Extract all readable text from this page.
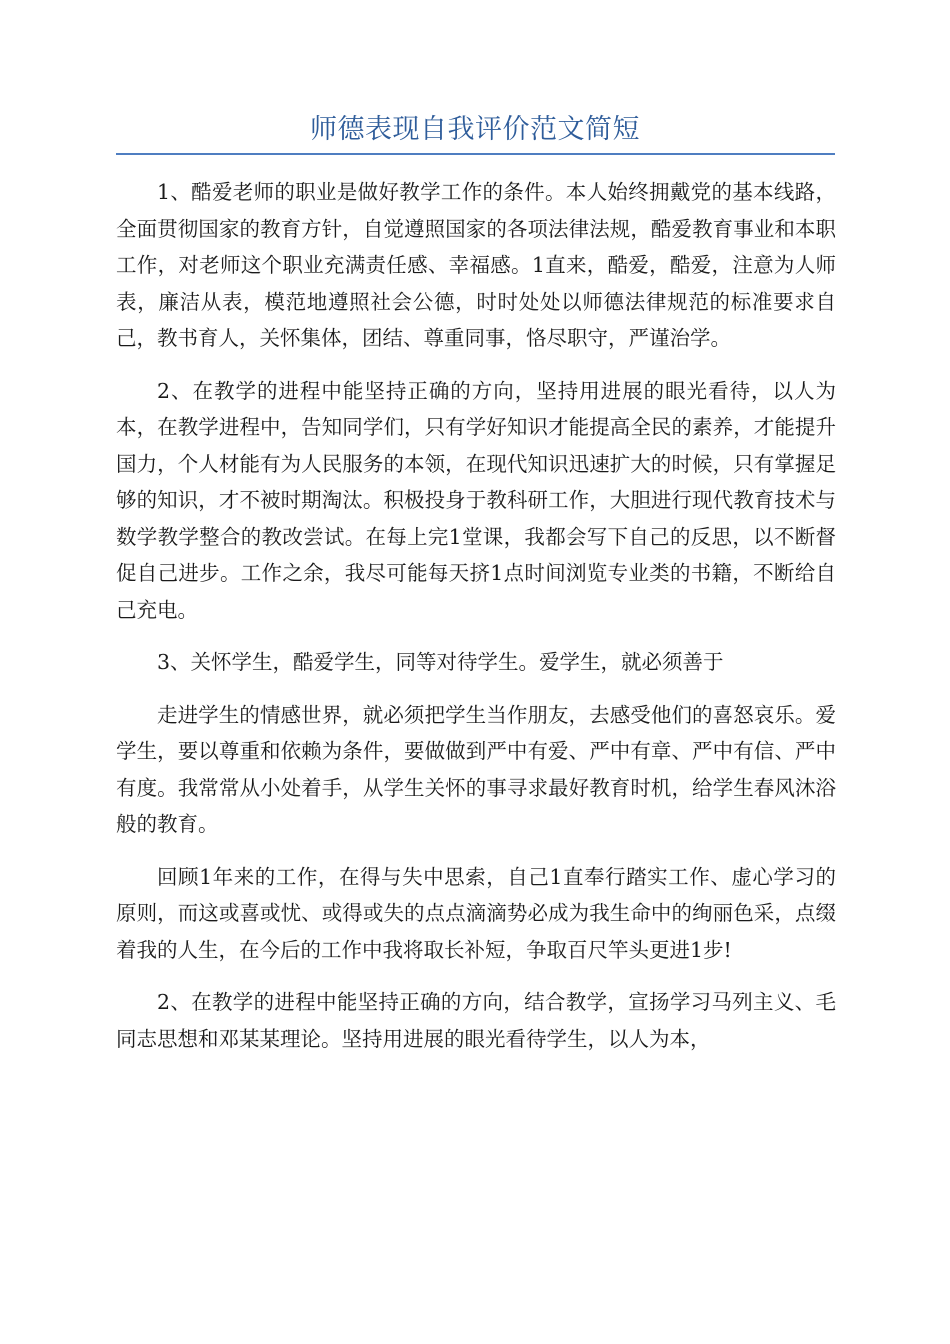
师德表现自我评价范文简短

1、酷爱老师的职业是做好教学工作的条件。本人始终拥戴党的基本线路，全面贯彻国家的教育方针，自觉遵照国家的各项法律法规，酷爱教育事业和本职工作，对老师这个职业充满责任感、幸福感。1直来，酷爱，酷爱，注意为人师表，廉洁从表，模范地遵照社会公德，时时处处以师德法律规范的标准要求自己，教书育人，关怀集体，团结、尊重同事，恪尽职守，严谨治学。

2、在教学的进程中能坚持正确的方向，坚持用进展的眼光看待，以人为本，在教学进程中，告知同学们，只有学好知识才能提高全民的素养，才能提升国力，个人材能有为人民服务的本领，在现代知识迅速扩大的时候，只有掌握足够的知识，才不被时期淘汰。积极投身于教科研工作，大胆进行现代教育技术与数学教学整合的教改尝试。在每上完1堂课，我都会写下自己的反思，以不断督促自己进步。工作之余，我尽可能每天挤1点时间浏览专业类的书籍，不断给自己充电。

3、关怀学生，酷爱学生，同等对待学生。爱学生，就必须善于

走进学生的情感世界，就必须把学生当作朋友，去感受他们的喜怒哀乐。爱学生，要以尊重和依赖为条件，要做做到严中有爱、严中有章、严中有信、严中有度。我常常从小处着手，从学生关怀的事寻求最好教育时机，给学生春风沐浴般的教育。

回顾1年来的工作，在得与失中思索，自己1直奉行踏实工作、虚心学习的原则，而这或喜或忧、或得或失的点点滴滴势必成为我生命中的绚丽色采，点缀着我的人生，在今后的工作中我将取长补短，争取百尺竿头更进1步!

2、在教学的进程中能坚持正确的方向，结合教学，宣扬学习马列主义、毛同志思想和邓某某理论。坚持用进展的眼光看待学生，以人为本，
